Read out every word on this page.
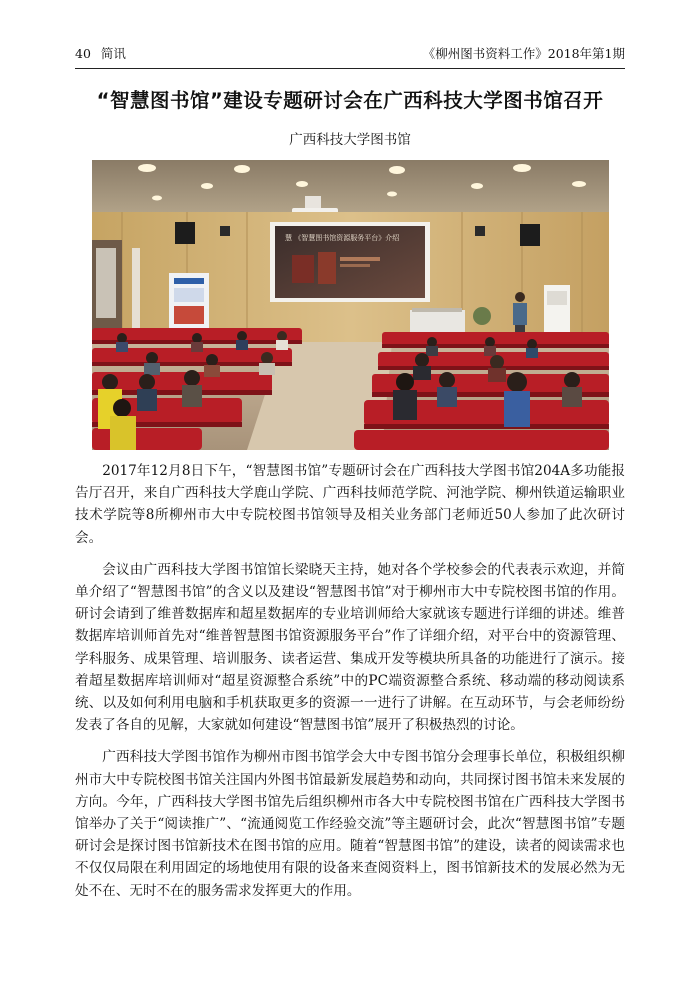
40 简讯	《柳州图书资料工作》2018年第1期
“智慧图书馆”建设专题研讨会在广西科技大学图书馆召开
广西科技大学图书馆
慧 《智慧图书馆资源服务平台》介绍

2017年12月8日下午，“智慧图书馆”专题研讨会在广西科技大学图书馆204A多功能报告厅召开，来自广西科技大学鹿山学院、广西科技师范学院、河池学院、柳州铁道运输职业技术学院等8所柳州市大中专院校图书馆领导及相关业务部门老师近50人参加了此次研讨会。

会议由广西科技大学图书馆馆长梁晓天主持，她对各个学校参会的代表表示欢迎，并简单介绍了“智慧图书馆”的含义以及建设“智慧图书馆”对于柳州市大中专院校图书馆的作用。研讨会请到了维普数据库和超星数据库的专业培训师给大家就该专题进行详细的讲述。维普数据库培训师首先对“维普智慧图书馆资源服务平台”作了详细介绍，对平台中的资源管理、学科服务、成果管理、培训服务、读者运营、集成开发等模块所具备的功能进行了演示。接着超星数据库培训师对“超星资源整合系统”中的PC端资源整合系统、移动端的移动阅读系统、以及如何利用电脑和手机获取更多的资源一一进行了讲解。在互动环节，与会老师纷纷发表了各自的见解，大家就如何建设“智慧图书馆”展开了积极热烈的讨论。

广西科技大学图书馆作为柳州市图书馆学会大中专图书馆分会理事长单位，积极组织柳州市大中专院校图书馆关注国内外图书馆最新发展趋势和动向，共同探讨图书馆未来发展的方向。今年，广西科技大学图书馆先后组织柳州市各大中专院校图书馆在广西科技大学图书馆举办了关于“阅读推广”、“流通阅览工作经验交流”等主题研讨会，此次“智慧图书馆”专题研讨会是探讨图书馆新技术在图书馆的应用。随着“智慧图书馆”的建设，读者的阅读需求也不仅仅局限在利用固定的场地使用有限的设备来查阅资料上，图书馆新技术的发展必然为无处不在、无时不在的服务需求发挥更大的作用。
